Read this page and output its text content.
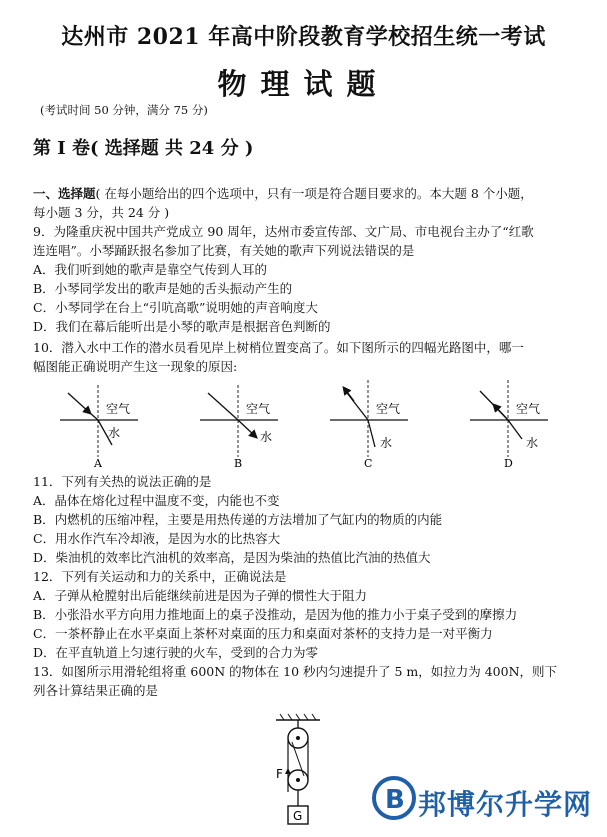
达州市 2021 年高中阶段教育学校招生统一考试
物理试题
(考试时间 50 分钟，满分 75 分)
第 I 卷( 选择题 共 24 分 )

一、选择题( 在每小题给出的四个选项中，只有一项是符合题目要求的。本大题 8 个小题，

每小题 3 分，共 24 分 )

9．为隆重庆祝中国共产党成立 90 周年，达州市委宣传部、文广局、市电视台主办了“红歌

连连唱”。小琴踊跃报名参加了比赛，有关她的歌声下列说法错误的是

A．我们听到她的歌声是靠空气传到人耳的

B．小琴同学发出的歌声是她的舌头振动产生的

C．小琴同学在台上“引吭高歌”说明她的声音响度大

D．我们在幕后能听出是小琴的歌声是根据音色判断的

10．潜入水中工作的潜水员看见岸上树梢位置变高了。如下图所示的四幅光路图中，哪一

幅图能正确说明产生这一现象的原因:

空气
水
A
空气
水
B
空气
水
C
空气
水
D

11．下列有关热的说法正确的是

A．晶体在熔化过程中温度不变，内能也不变

B．内燃机的压缩冲程，主要是用热传递的方法增加了气缸内的物质的内能

C．用水作汽车冷却液，是因为水的比热容大

D．柴油机的效率比汽油机的效率高，是因为柴油的热值比汽油的热值大

12．下列有关运动和力的关系中，正确说法是

A．子弹从枪膛射出后能继续前进是因为子弹的惯性大于阻力

B．小张沿水平方向用力推地面上的桌子没推动，是因为他的推力小于桌子受到的摩擦力

C．一茶杯静止在水平桌面上茶杯对桌面的压力和桌面对茶杯的支持力是一对平衡力

D．在平直轨道上匀速行驶的火车，受到的合力为零

13．如图所示用滑轮组将重 600N 的物体在 10 秒内匀速提升了 5 m，如拉力为 400N，则下

列各计算结果正确的是

F
G
B 邦博尔升学网
